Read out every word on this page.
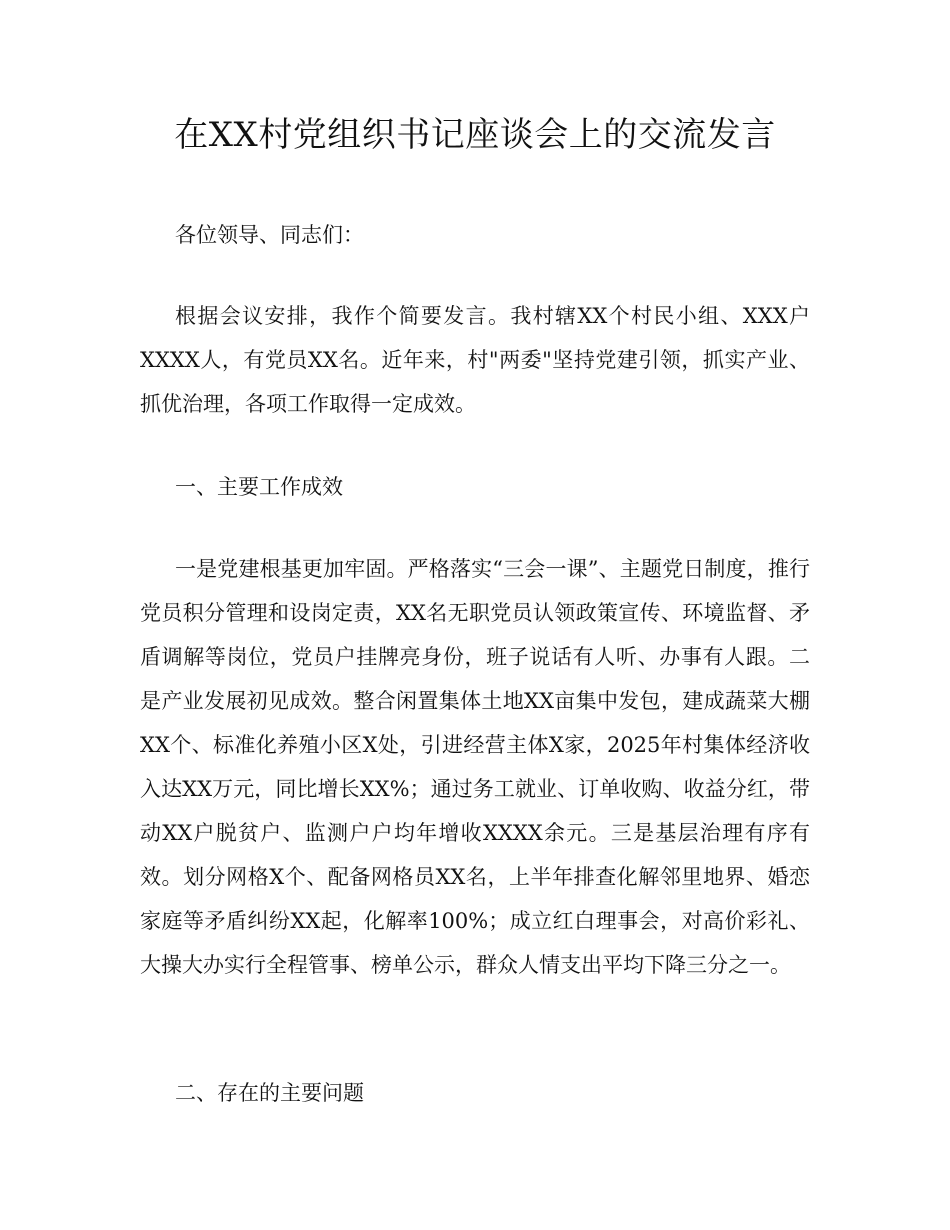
在XX村党组织书记座谈会上的交流发言

各位领导、同志们：

根据会议安排，我作个简要发言。我村辖XX个村民小组、XXX户XXXX人，有党员XX名。近年来，村"两委"坚持党建引领，抓实产业、抓优治理，各项工作取得一定成效。

一、主要工作成效

一是党建根基更加牢固。严格落实“三会一课”、主题党日制度，推行党员积分管理和设岗定责，XX名无职党员认领政策宣传、环境监督、矛盾调解等岗位，党员户挂牌亮身份，班子说话有人听、办事有人跟。二是产业发展初见成效。整合闲置集体土地XX亩集中发包，建成蔬菜大棚XX个、标准化养殖小区X处，引进经营主体X家，2025年村集体经济收入达XX万元，同比增长XX%；通过务工就业、订单收购、收益分红，带动XX户脱贫户、监测户户均年增收XXXX余元。三是基层治理有序有效。划分网格X个、配备网格员XX名，上半年排查化解邻里地界、婚恋家庭等矛盾纠纷XX起，化解率100%；成立红白理事会，对高价彩礼、大操大办实行全程管事、榜单公示，群众人情支出平均下降三分之一。

二、存在的主要问题
